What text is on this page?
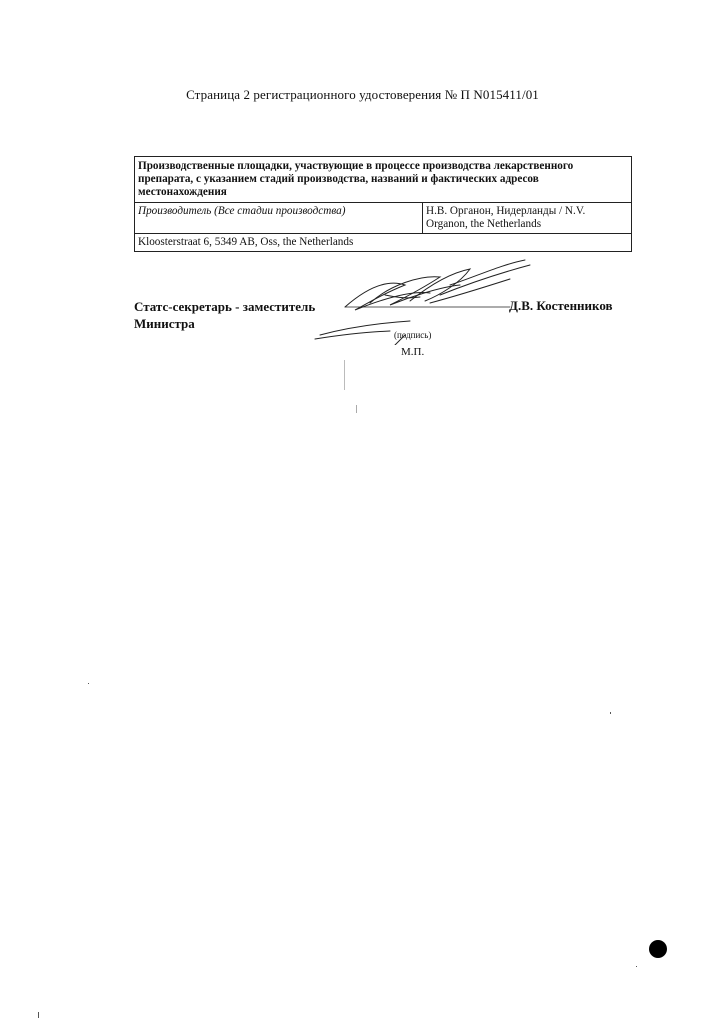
Страница 2 регистрационного удостоверения № П N015411/01
Производственные площадки, участвующие в процессе производства лекарственного
препарата, с указанием стадий производства, названий и фактических адресов
местонахождения

Производитель (Все стадии производства)	Н.В. Органон, Нидерланды / N.V.
Organon, the Netherlands

Kloosterstraat 6, 5349 AB, Oss, the Netherlands
Статс-секретарь - заместитель
Министра
Д.В. Костенников
(подпись)
М.П.
